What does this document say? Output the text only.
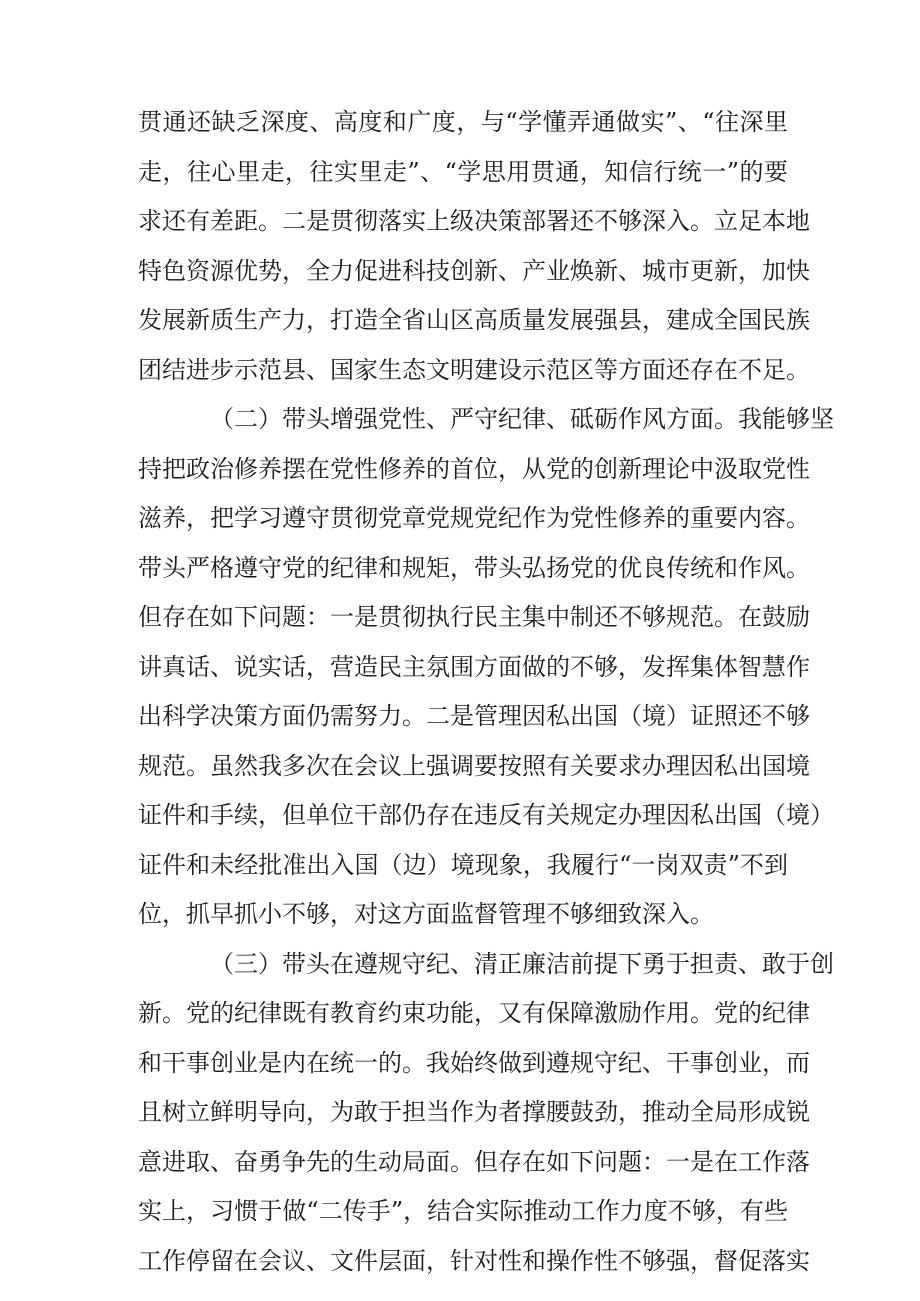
贯通还缺乏深度、高度和广度，与“学懂弄通做实”、“往深里
走，往心里走，往实里走”、“学思用贯通，知信行统一”的要
求还有差距。二是贯彻落实上级决策部署还不够深入。立足本地
特色资源优势，全力促进科技创新、产业焕新、城市更新，加快
发展新质生产力，打造全省山区高质量发展强县，建成全国民族
团结进步示范县、国家生态文明建设示范区等方面还存在不足。
（二）带头增强党性、严守纪律、砥砺作风方面。我能够坚
持把政治修养摆在党性修养的首位，从党的创新理论中汲取党性
滋养，把学习遵守贯彻党章党规党纪作为党性修养的重要内容。
带头严格遵守党的纪律和规矩，带头弘扬党的优良传统和作风。
但存在如下问题：一是贯彻执行民主集中制还不够规范。在鼓励
讲真话、说实话，营造民主氛围方面做的不够，发挥集体智慧作
出科学决策方面仍需努力。二是管理因私出国（境）证照还不够
规范。虽然我多次在会议上强调要按照有关要求办理因私出国境
证件和手续，但单位干部仍存在违反有关规定办理因私出国（境）
证件和未经批准出入国（边）境现象，我履行“一岗双责”不到
位，抓早抓小不够，对这方面监督管理不够细致深入。
（三）带头在遵规守纪、清正廉洁前提下勇于担责、敢于创
新。党的纪律既有教育约束功能，又有保障激励作用。党的纪律
和干事创业是内在统一的。我始终做到遵规守纪、干事创业，而
且树立鲜明导向，为敢于担当作为者撑腰鼓劲，推动全局形成锐
意进取、奋勇争先的生动局面。但存在如下问题：一是在工作落
实上，习惯于做“二传手”，结合实际推动工作力度不够，有些
工作停留在会议、文件层面，针对性和操作性不够强，督促落实
